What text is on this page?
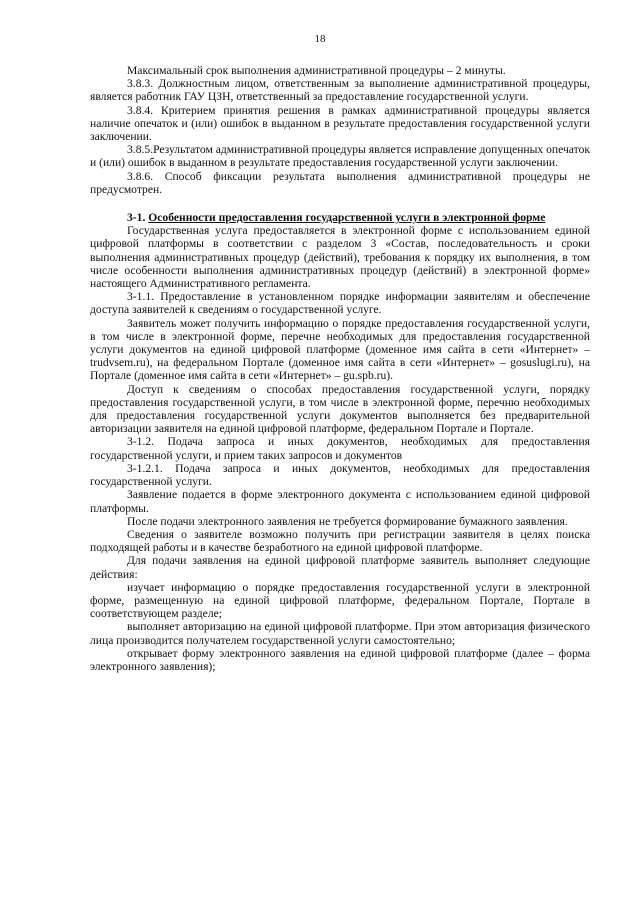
18

Максимальный срок выполнения административной процедуры – 2 минуты.

3.8.3. Должностным лицом, ответственным за выполнение административной процедуры, является работник ГАУ ЦЗН, ответственный за предоставление государственной услуги.

3.8.4. Критерием принятия решения в рамках административной процедуры является наличие опечаток и (или) ошибок в выданном в результате предоставления государственной услуги заключении.

3.8.5.Результатом административной процедуры является исправление допущенных опечаток и (или) ошибок в выданном в результате предоставления государственной услуги заключении.

3.8.6. Способ фиксации результата выполнения административной процедуры не предусмотрен.

3-1. Особенности предоставления государственной услуги в электронной форме

Государственная услуга предоставляется в электронной форме с использованием единой цифровой платформы в соответствии с разделом 3 «Состав, последовательность и сроки выполнения административных процедур (действий), требования к порядку их выполнения, в том числе особенности выполнения административных процедур (действий) в электронной форме» настоящего Административного регламента.

3-1.1. Предоставление в установленном порядке информации заявителям и обеспечение доступа заявителей к сведениям о государственной услуге.

Заявитель может получить информацию о порядке предоставления государственной услуги, в том числе в электронной форме, перечне необходимых для предоставления государственной услуги документов на единой цифровой платформе (доменное имя сайта в сети «Интернет» – trudvsem.ru), на федеральном Портале (доменное имя сайта в сети «Интернет» – gosuslugi.ru), на Портале (доменное имя сайта в сети «Интернет» – gu.spb.ru).

Доступ к сведениям о способах предоставления государственной услуги, порядку предоставления государственной услуги, в том числе в электронной форме, перечню необходимых для предоставления государственной услуги документов выполняется без предварительной авторизации заявителя на единой цифровой платформе, федеральном Портале и Портале.

3-1.2. Подача запроса и иных документов, необходимых для предоставления государственной услуги, и прием таких запросов и документов

3-1.2.1. Подача запроса и иных документов, необходимых для предоставления государственной услуги.

Заявление подается в форме электронного документа с использованием единой цифровой платформы.

После подачи электронного заявления не требуется формирование бумажного заявления.

Сведения о заявителе возможно получить при регистрации заявителя в целях поиска подходящей работы и в качестве безработного на единой цифровой платформе.

Для подачи заявления на единой цифровой платформе заявитель выполняет следующие действия:

изучает информацию о порядке предоставления государственной услуги в электронной форме, размещенную на единой цифровой платформе, федеральном Портале, Портале в соответствующем разделе;

выполняет авторизацию на единой цифровой платформе. При этом авторизация физического лица производится получателем государственной услуги самостоятельно;

открывает форму электронного заявления на единой цифровой платформе (далее – форма электронного заявления);
